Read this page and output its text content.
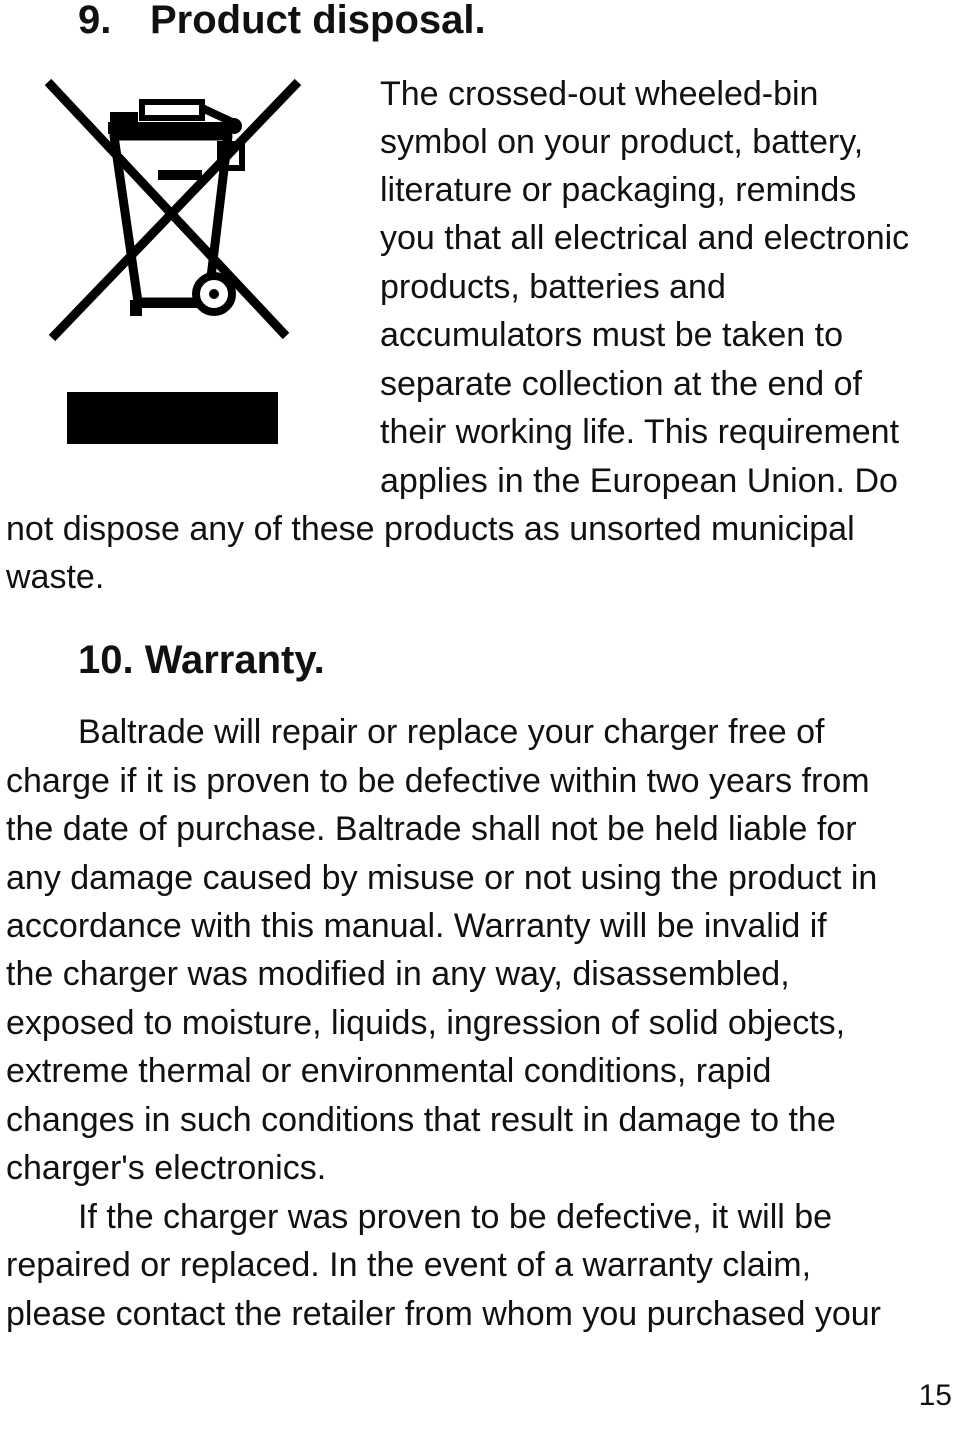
9. Product disposal.

The crossed-out wheeled-bin

symbol on your product, battery,

literature or packaging, reminds

you that all electrical and electronic

products, batteries and

accumulators must be taken to

separate collection at the end of

their working life. This requirement

applies in the European Union. Do

not dispose any of these products as unsorted municipal

waste.

10. Warranty.

Baltrade will repair or replace your charger free of

charge if it is proven to be defective within two years from

the date of purchase. Baltrade shall not be held liable for

any damage caused by misuse or not using the product in

accordance with this manual. Warranty will be invalid if

the charger was modified in any way, disassembled,

exposed to moisture, liquids, ingression of solid objects,

extreme thermal or environmental conditions, rapid

changes in such conditions that result in damage to the

charger's electronics.

If the charger was proven to be defective, it will be

repaired or replaced. In the event of a warranty claim,

please contact the retailer from whom you purchased your

15
